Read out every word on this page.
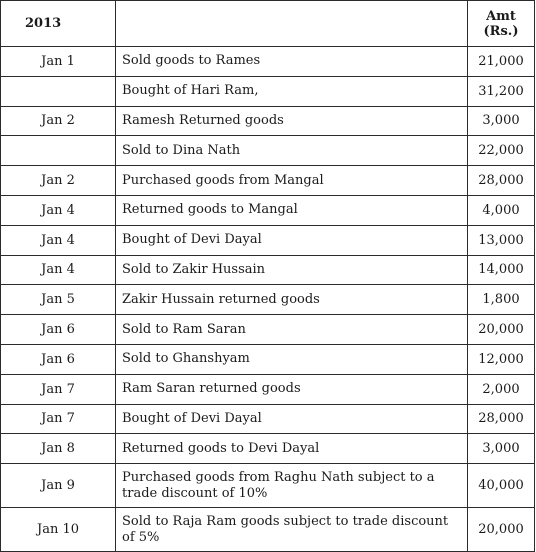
2013		Amt
(Rs.)
Jan 1	Sold goods to Rames	21,000
	Bought of Hari Ram,	31,200
Jan 2	Ramesh Returned goods	3,000
	Sold to Dina Nath	22,000
Jan 2	Purchased goods from Mangal	28,000
Jan 4	Returned goods to Mangal	4,000
Jan 4	Bought of Devi Dayal	13,000
Jan 4	Sold to Zakir Hussain	14,000
Jan 5	Zakir Hussain returned goods	1,800
Jan 6	Sold to Ram Saran	20,000
Jan 6	Sold to Ghanshyam	12,000
Jan 7	Ram Saran returned goods	2,000
Jan 7	Bought of Devi Dayal	28,000
Jan 8	Returned goods to Devi Dayal	3,000
Jan 9	Purchased goods from Raghu Nath subject to a trade discount of 10%	40,000
Jan 10	Sold to Raja Ram goods subject to trade discount of 5%	20,000
